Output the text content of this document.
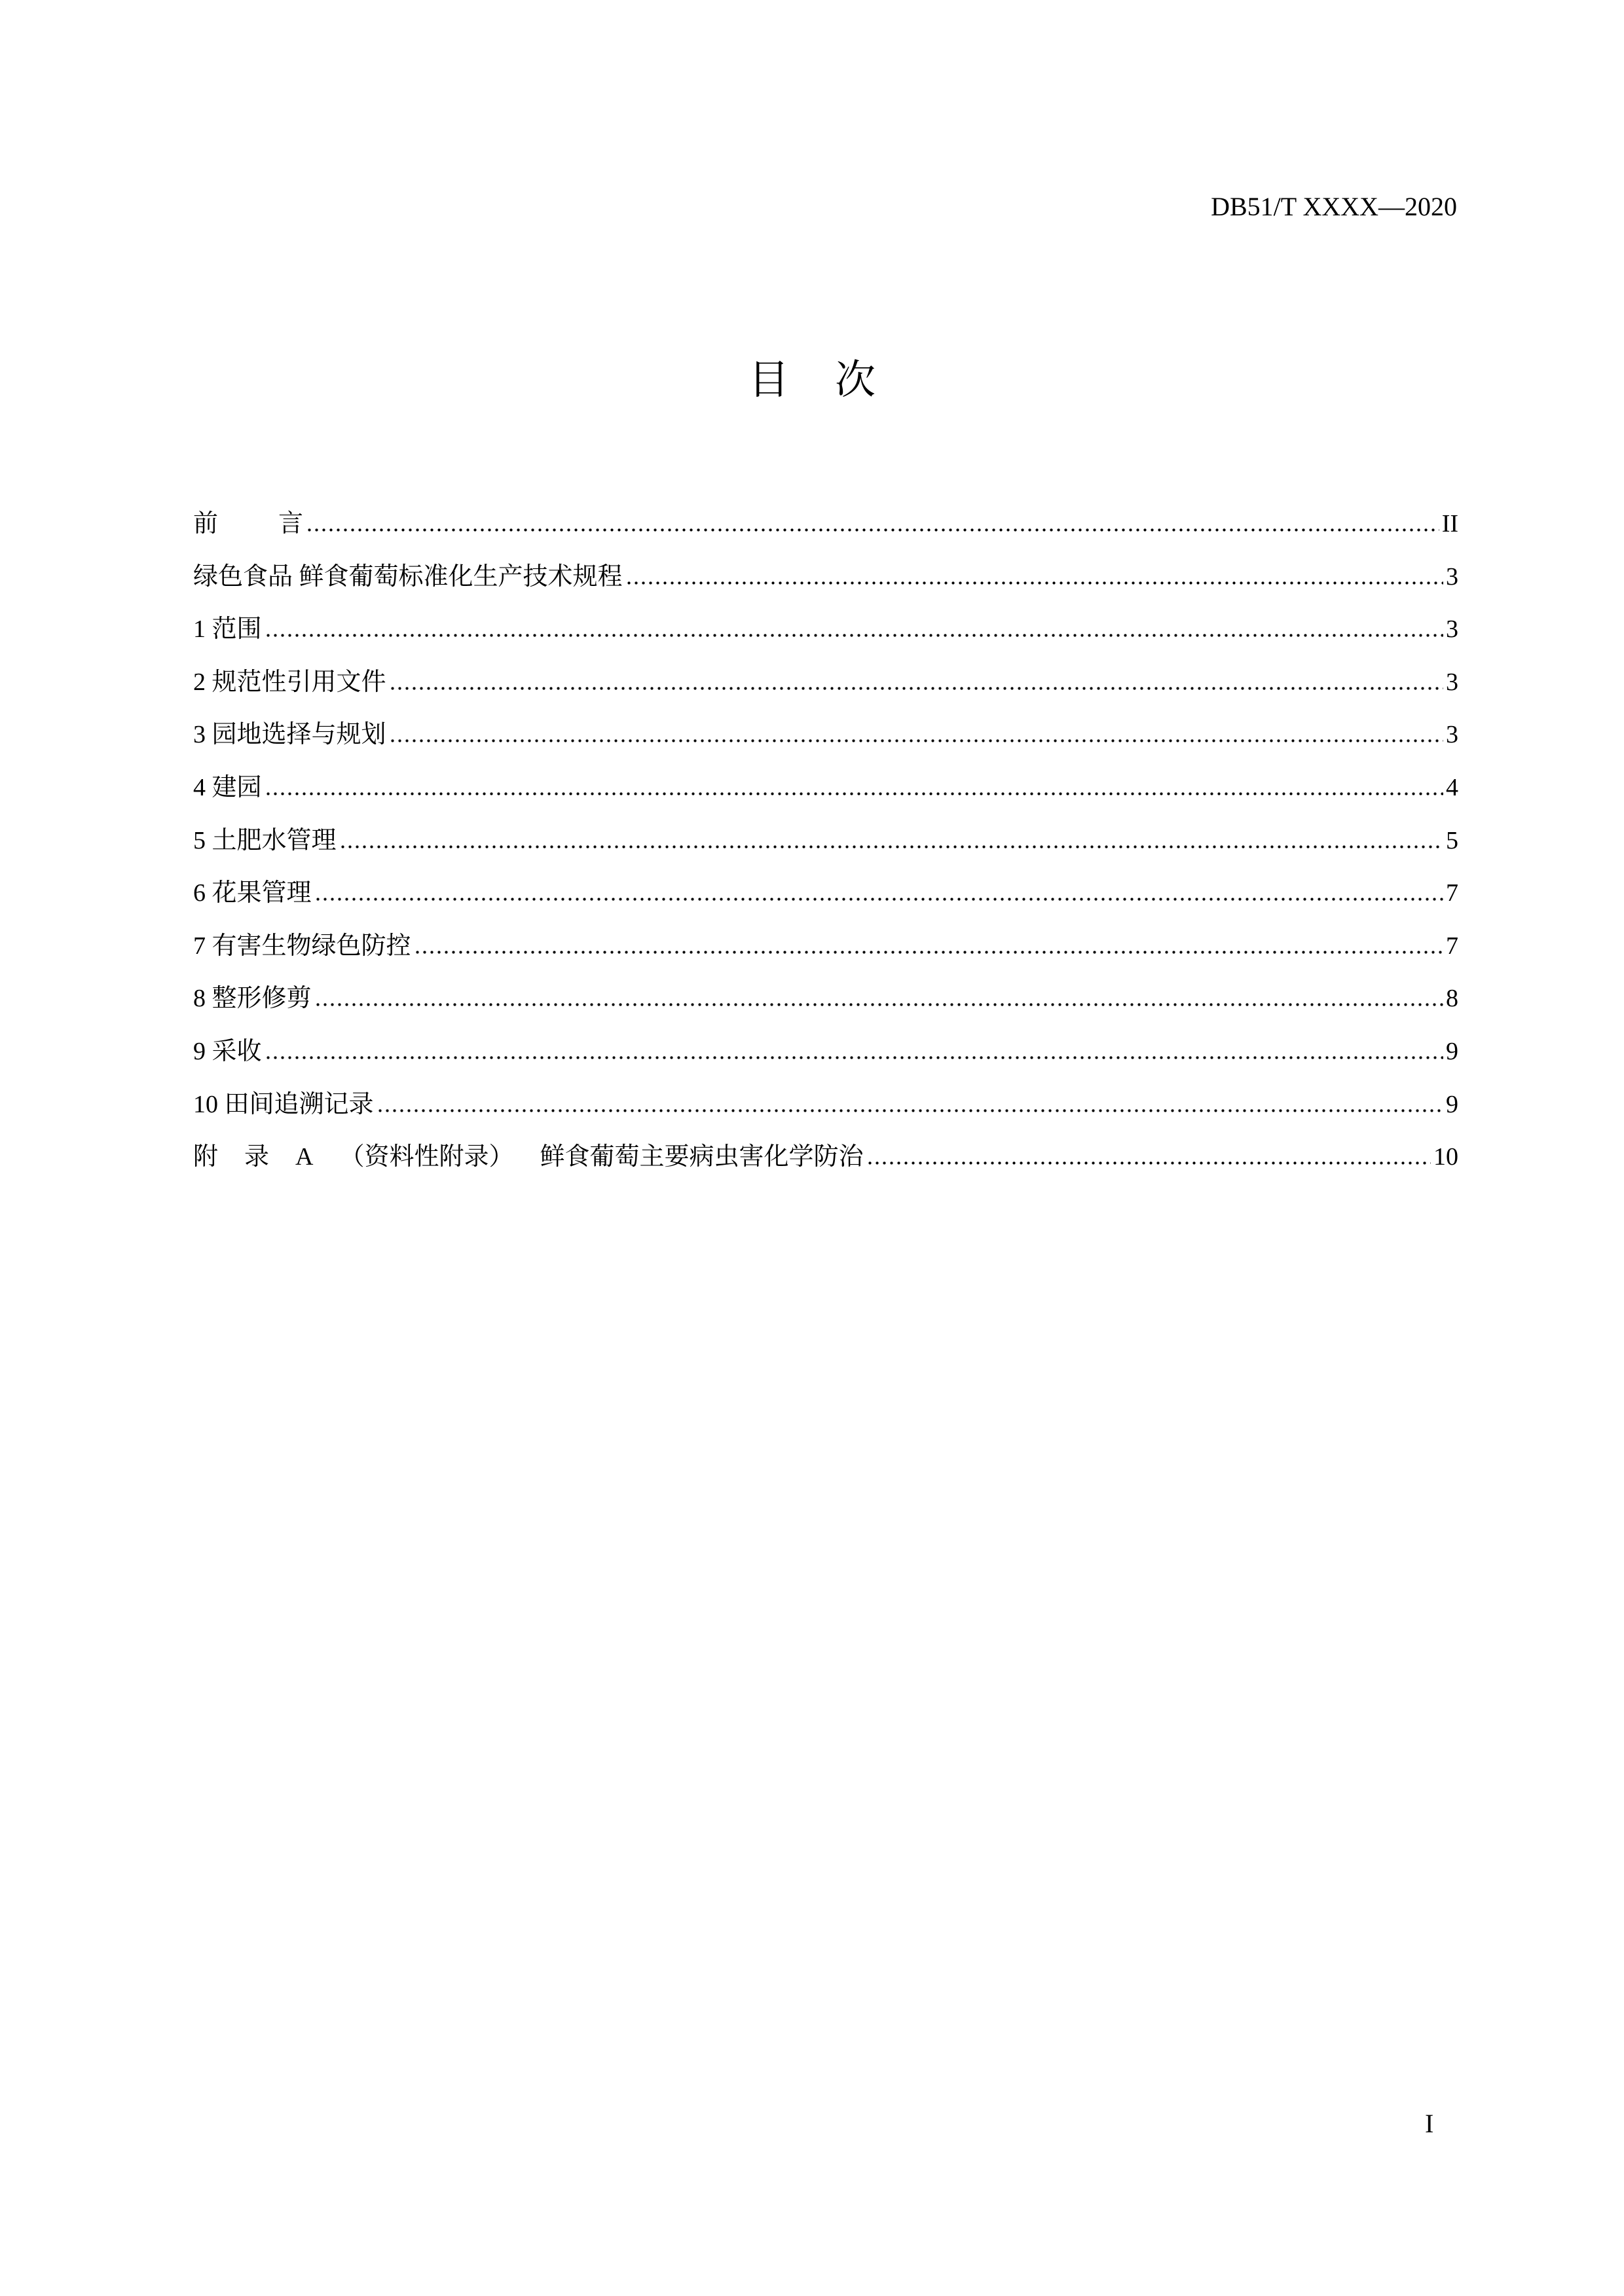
DB51/T XXXX—2020
目 次
前 言	II
绿色食品 鲜食葡萄标准化生产技术规程	3
1 范围	3
2 规范性引用文件	3
3 园地选择与规划	3
4 建园	4
5 土肥水管理	5
6 花果管理	7
7 有害生物绿色防控	7
8 整形修剪	8
9 采收	9
10 田间追溯记录	9
附 录 A （资料性附录） 鲜食葡萄主要病虫害化学防治	10
I
